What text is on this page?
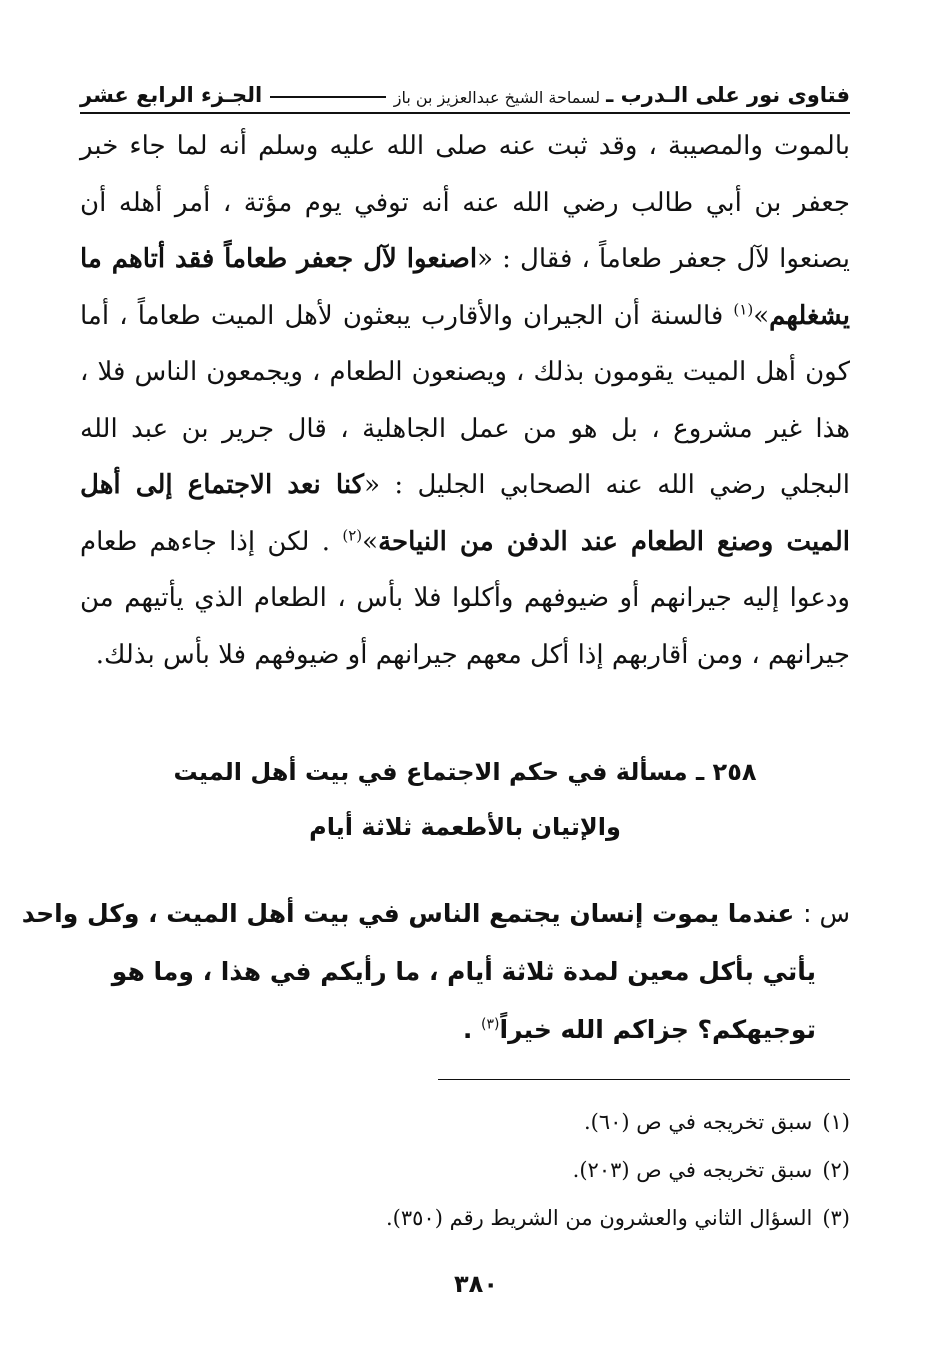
فتاوى نور على الـدرب ـ
لسماحة الشيخ عبدالعزيز بن باز
الجـزء الرابع عشر

بالموت والمصيبة ، وقد ثبت عنه صلى الله عليه وسلم أنه لما جاء خبر جعفر بن أبي طالب رضي الله عنه أنه توفي يوم مؤتة ، أمر أهله أن يصنعوا لآل جعفر طعاماً ، فقال : «اصنعوا لآل جعفر طعاماً فقد أتاهم ما يشغلهم»$^{(١)}$ فالسنة أن الجيران والأقارب يبعثون لأهل الميت طعاماً ، أما كون أهل الميت يقومون بذلك ، ويصنعون الطعام ، ويجمعون الناس فلا ، هذا غير مشروع ، بل هو من عمل الجاهلية ، قال جرير بن عبد الله البجلي رضي الله عنه الصحابي الجليل : «كنا نعد الاجتماع إلى أهل الميت وصنع الطعام عند الدفن من النياحة»$^{(٢)}$ . لكن إذا جاءهم طعام ودعوا إليه جيرانهم أو ضيوفهم وأكلوا فلا بأس ، الطعام الذي يأتيهم من جيرانهم ، ومن أقاربهم إذا أكل معهم جيرانهم أو ضيوفهم فلا بأس بذلك.

٢٥٨ ـ مسألة في حكم الاجتماع في بيت أهل الميت
والإتيان بالأطعمة ثلاثة أيام
س : عندما يموت إنسان يجتمع الناس في بيت أهل الميت ، وكل واحد
يأتي بأكل معين لمدة ثلاثة أيام ، ما رأيكم في هذا ، وما هو
توجيهكم؟ جزاكم الله خيراً$^{(٣)}$ .
(١)سبق تخريجه في ص (٦٠).
(٢)سبق تخريجه في ص (٢٠٣).
(٣)السؤال الثاني والعشرون من الشريط رقم (٣٥٠).
٣٨٠
